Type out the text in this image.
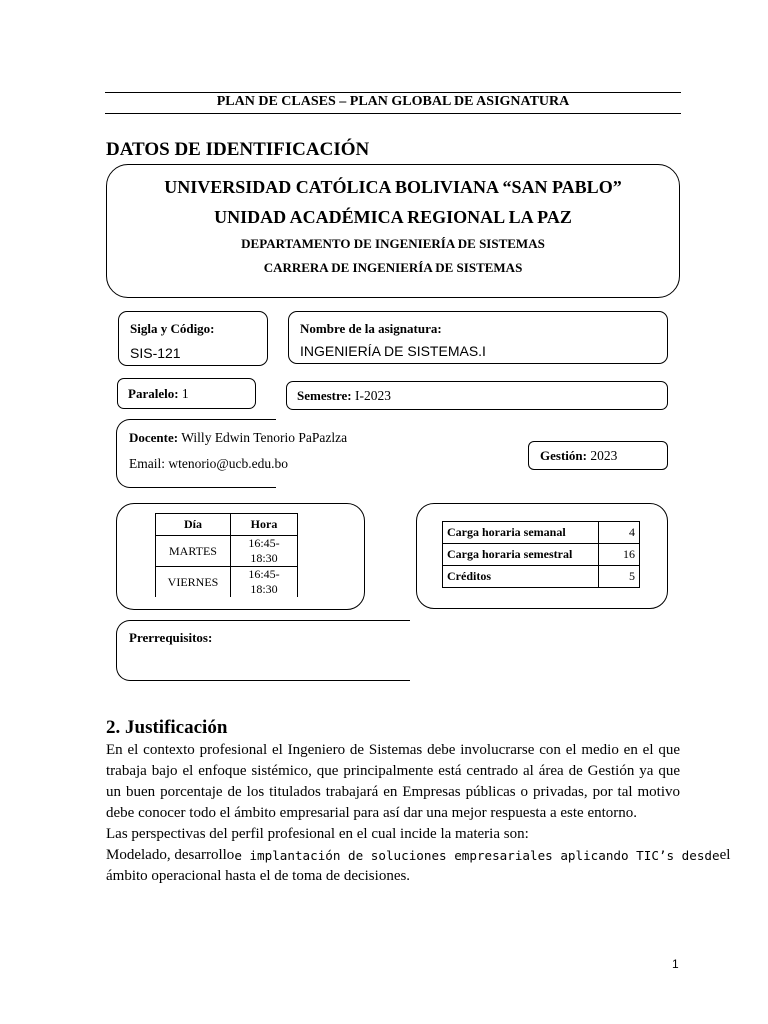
PLAN DE CLASES – PLAN GLOBAL DE ASIGNATURA
DATOS DE IDENTIFICACIÓN
UNIVERSIDAD CATÓLICA BOLIVIANA “SAN PABLO”
UNIDAD ACADÉMICA REGIONAL LA PAZ
DEPARTAMENTO DE INGENIERÍA DE SISTEMAS
CARRERA DE INGENIERÍA DE SISTEMAS
Sigla y Código:
SIS-121
Nombre de la asignatura:
INGENIERÍA DE SISTEMAS.I
Paralelo: 1	Semestre: I-2023
Docente: Willy Edwin Tenorio PaPazlza
Email: wtenorio@ucb.edu.bo
Gestión: 2023
Día	Hora
MARTES	16:45-18:30
VIERNES	16:45-18:30
Carga horaria semanal	4
Carga horaria semestral	16
Créditos	5
Prerrequisitos:
2. Justificación
En el contexto profesional el Ingeniero de Sistemas debe involucrarse con el medio en el que trabaja bajo el enfoque sistémico, que principalmente está centrado al área de Gestión ya que un buen porcentaje de los titulados trabajará en Empresas públicas o privadas, por tal motivo debe conocer todo el ámbito empresarial para así dar una mejor respuesta a este entorno.
Las perspectivas del perfil profesional en el cual incide la materia son:
Modelado, desarrollo e implantación de soluciones empresariales aplicando TIC’s desde el
ámbito operacional hasta el de toma de decisiones.
1
